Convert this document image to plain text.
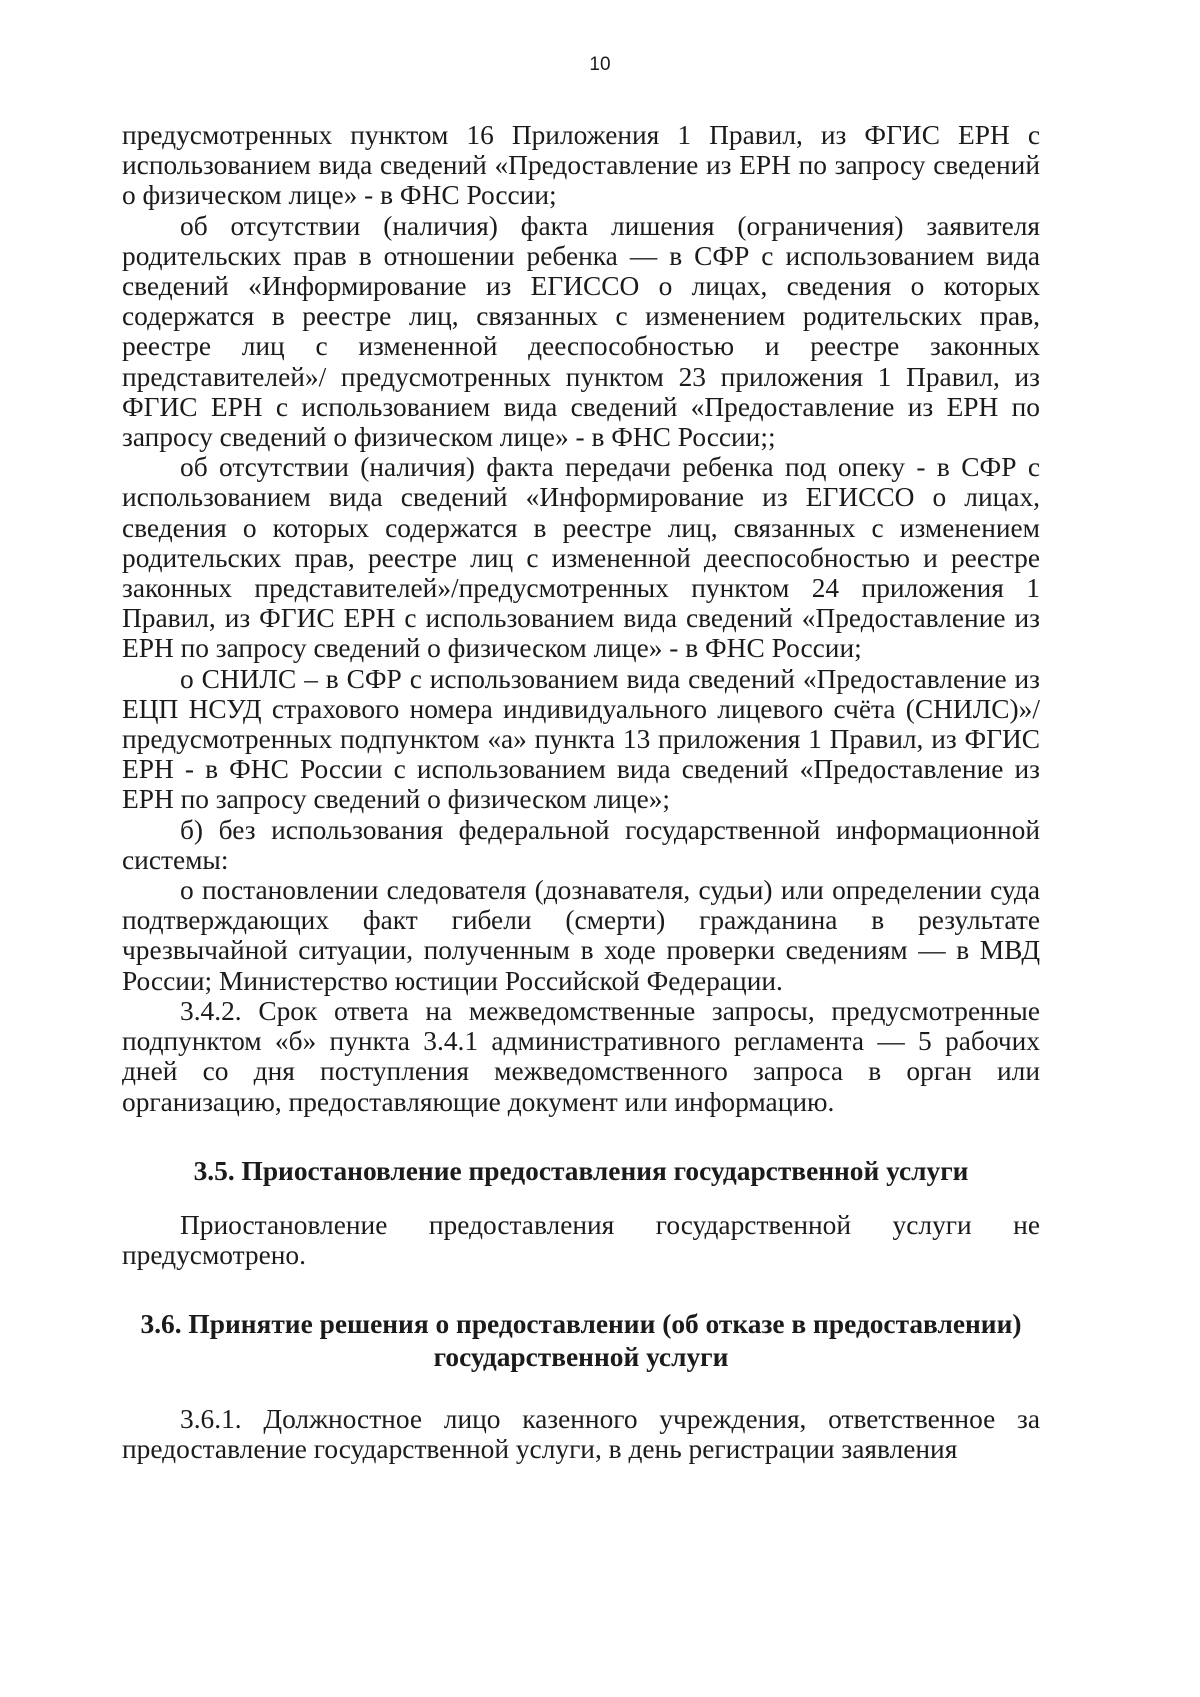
10

предусмотренных пунктом 16 Приложения 1 Правил, из ФГИС ЕРН с использованием вида сведений «Предоставление из ЕРН по запросу сведений о физическом лице» - в ФНС России;

об отсутствии (наличия) факта лишения (ограничения) заявителя родительских прав в отношении ребенка — в СФР с использованием вида сведений «Информирование из ЕГИССО о лицах, сведения о которых содержатся в реестре лиц, связанных с изменением родительских прав, реестре лиц с измененной дееспособностью и реестре законных представителей»/ предусмотренных пунктом 23 приложения 1 Правил, из ФГИС ЕРН с использованием вида сведений «Предоставление из ЕРН по запросу сведений о физическом лице» - в ФНС России;;

об отсутствии (наличия) факта передачи ребенка под опеку - в СФР с использованием вида сведений «Информирование из ЕГИССО о лицах, сведения о которых содержатся в реестре лиц, связанных с изменением родительских прав, реестре лиц с измененной дееспособностью и реестре законных представителей»/предусмотренных пунктом 24 приложения 1 Правил, из ФГИС ЕРН с использованием вида сведений «Предоставление из ЕРН по запросу сведений о физическом лице» - в ФНС России;

о СНИЛС – в СФР с использованием вида сведений «Предоставление из ЕЦП НСУД страхового номера индивидуального лицевого счёта (СНИЛС)»/ предусмотренных подпунктом «а» пункта 13 приложения 1 Правил, из ФГИС ЕРН - в ФНС России с использованием вида сведений «Предоставление из ЕРН по запросу сведений о физическом лице»;

б) без использования федеральной государственной информационной системы:

о постановлении следователя (дознавателя, судьи) или определении суда подтверждающих факт гибели (смерти) гражданина в результате чрезвычайной ситуации, полученным в ходе проверки сведениям — в МВД России; Министерство юстиции Российской Федерации.

3.4.2. Срок ответа на межведомственные запросы, предусмотренные подпунктом «б» пункта 3.4.1 административного регламента — 5 рабочих дней со дня поступления межведомственного запроса в орган или организацию, предоставляющие документ или информацию.

3.5. Приостановление предоставления государственной услуги

Приостановление предоставления государственной услуги не предусмотрено.

3.6. Принятие решения о предоставлении (об отказе в предоставлении)

государственной услуги

3.6.1. Должностное лицо казенного учреждения, ответственное за предоставление государственной услуги, в день регистрации заявления
